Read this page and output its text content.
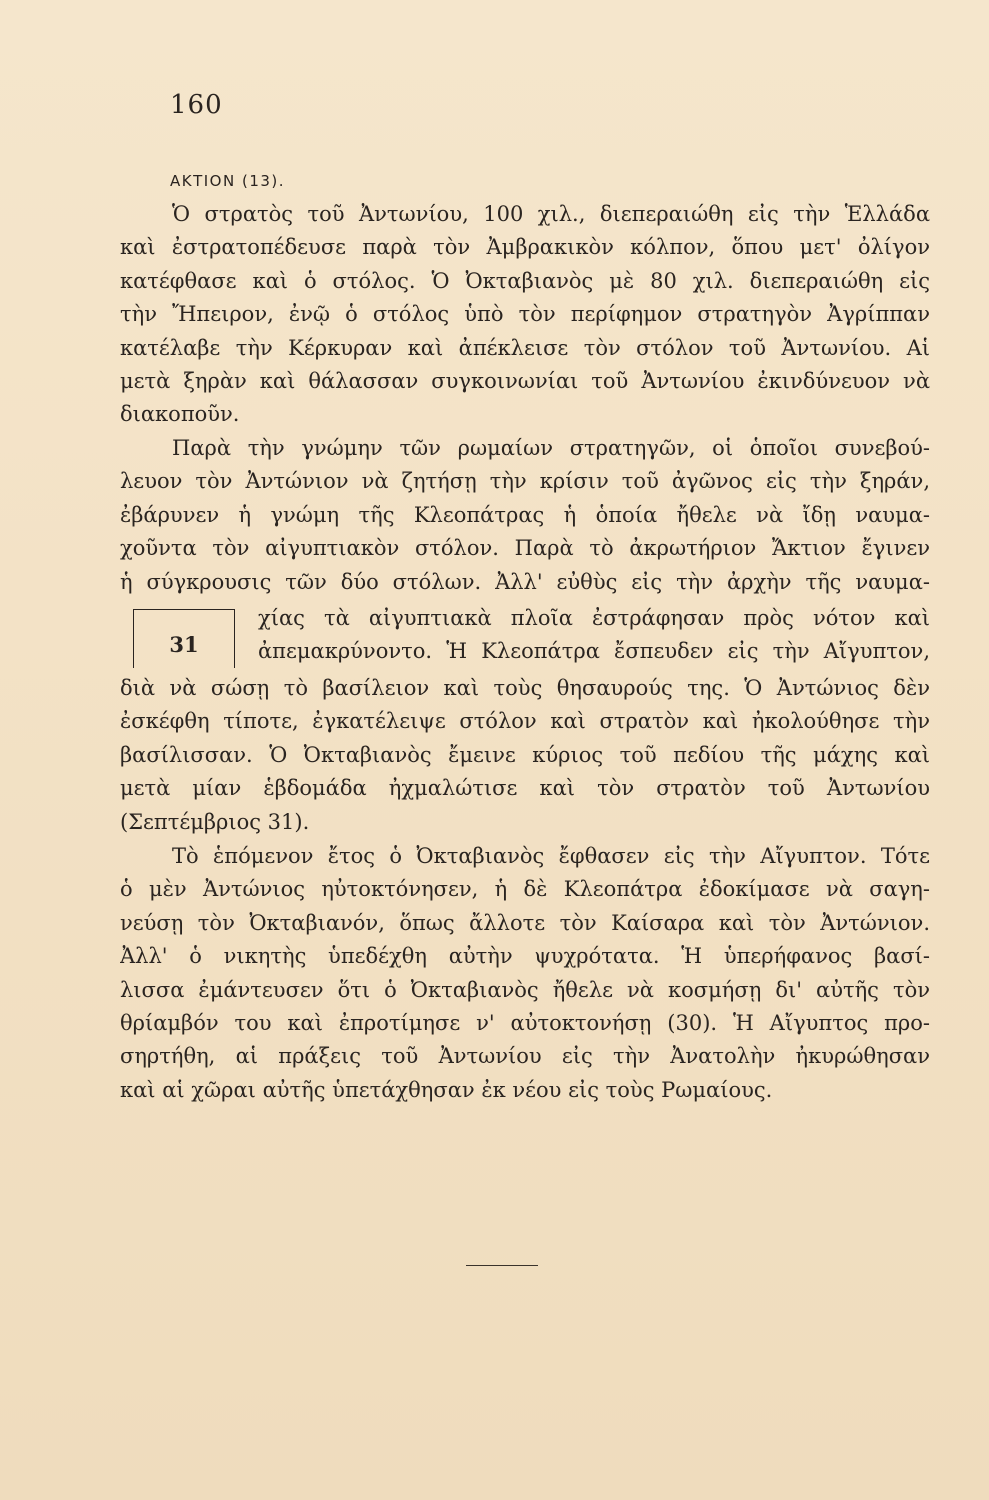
160
ΑΚΤΙΟΝ (13).
Ὁ στρατὸς τοῦ Ἀντωνίου, 100 χιλ., διεπεραιώθη εἰς τὴν Ἑλλάδα
καὶ ἐστρατοπέδευσε παρὰ τὸν Ἀμβρακικὸν κόλπον, ὅπου μετ' ὀλίγον
κατέφθασε καὶ ὁ στόλος. Ὁ Ὀκταβιανὸς μὲ 80 χιλ. διεπεραιώθη εἰς
τὴν Ἤπειρον, ἐνῷ ὁ στόλος ὑπὸ τὸν περίφημον στρατηγὸν Ἀγρίππαν
κατέλαβε τὴν Κέρκυραν καὶ ἀπέκλεισε τὸν στόλον τοῦ Ἀντωνίου. Αἱ
μετὰ ξηρὰν καὶ θάλασσαν συγκοινωνίαι τοῦ Ἀντωνίου ἐκινδύνευον νὰ
διακοποῦν.
Παρὰ τὴν γνώμην τῶν ρωμαίων στρατηγῶν, οἱ ὁποῖοι συνεβού-
λευον τὸν Ἀντώνιον νὰ ζητήσῃ τὴν κρίσιν τοῦ ἀγῶνος εἰς τὴν ξηράν,
ἐβάρυνεν ἡ γνώμη τῆς Κλεοπάτρας ἡ ὁποία ἤθελε νὰ ἴδῃ ναυμα-
χοῦντα τὸν αἰγυπτιακὸν στόλον. Παρὰ τὸ ἀκρωτήριον Ἄκτιον ἔγινεν
ἡ σύγκρουσις τῶν δύο στόλων. Ἀλλ' εὐθὺς εἰς τὴν ἀρχὴν τῆς ναυμα-
31
χίας τὰ αἰγυπτιακὰ πλοῖα ἐστράφησαν πρὸς νότον καὶ
ἀπεμακρύνοντο. Ἡ Κλεοπάτρα ἔσπευδεν εἰς τὴν Αἴγυπτον,
διὰ νὰ σώσῃ τὸ βασίλειον καὶ τοὺς θησαυρούς της. Ὁ Ἀντώνιος δὲν
ἐσκέφθη τίποτε, ἐγκατέλειψε στόλον καὶ στρατὸν καὶ ἠκολούθησε τὴν
βασίλισσαν. Ὁ Ὀκταβιανὸς ἔμεινε κύριος τοῦ πεδίου τῆς μάχης καὶ
μετὰ μίαν ἑβδομάδα ἠχμαλώτισε καὶ τὸν στρατὸν τοῦ Ἀντωνίου
(Σεπτέμβριος 31).
Τὸ ἑπόμενον ἔτος ὁ Ὀκταβιανὸς ἔφθασεν εἰς τὴν Αἴγυπτον. Τότε
ὁ μὲν Ἀντώνιος ηὐτοκτόνησεν, ἡ δὲ Κλεοπάτρα ἐδοκίμασε νὰ σαγη-
νεύσῃ τὸν Ὀκταβιανόν, ὅπως ἄλλοτε τὸν Καίσαρα καὶ τὸν Ἀντώνιον.
Ἀλλ' ὁ νικητὴς ὑπεδέχθη αὐτὴν ψυχρότατα. Ἡ ὑπερήφανος βασί-
λισσα ἐμάντευσεν ὅτι ὁ Ὀκταβιανὸς ἤθελε νὰ κοσμήσῃ δι' αὐτῆς τὸν
θρίαμβόν του καὶ ἐπροτίμησε ν' αὐτοκτονήσῃ (30). Ἡ Αἴγυπτος προ-
σηρτήθη, αἱ πράξεις τοῦ Ἀντωνίου εἰς τὴν Ἀνατολὴν ἠκυρώθησαν
καὶ αἱ χῶραι αὐτῆς ὑπετάχθησαν ἐκ νέου εἰς τοὺς Ρωμαίους.
